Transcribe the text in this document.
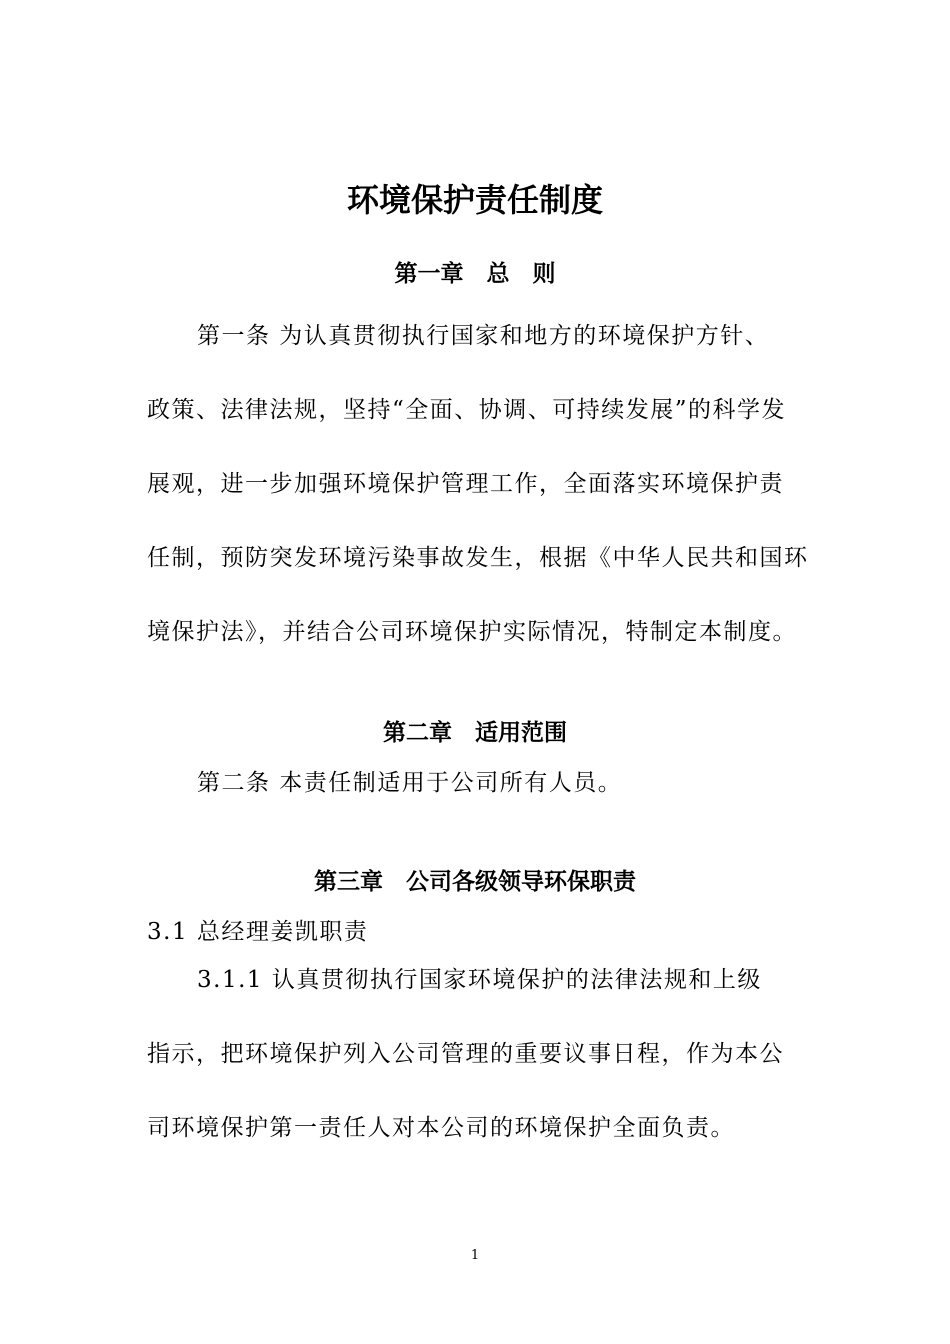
环境保护责任制度
第一章　总　则
第一条 为认真贯彻执行国家和地方的环境保护方针、
政策、法律法规，坚持“全面、协调、可持续发展”的科学发
展观，进一步加强环境保护管理工作，全面落实环境保护责
任制，预防突发环境污染事故发生，根据《中华人民共和国环
境保护法》，并结合公司环境保护实际情况，特制定本制度。
第二章　适用范围
第二条 本责任制适用于公司所有人员。
第三章　公司各级领导环保职责
3.1 总经理姜凯职责
3.1.1 认真贯彻执行国家环境保护的法律法规和上级
指示，把环境保护列入公司管理的重要议事日程，作为本公
司环境保护第一责任人对本公司的环境保护全面负责。
1
